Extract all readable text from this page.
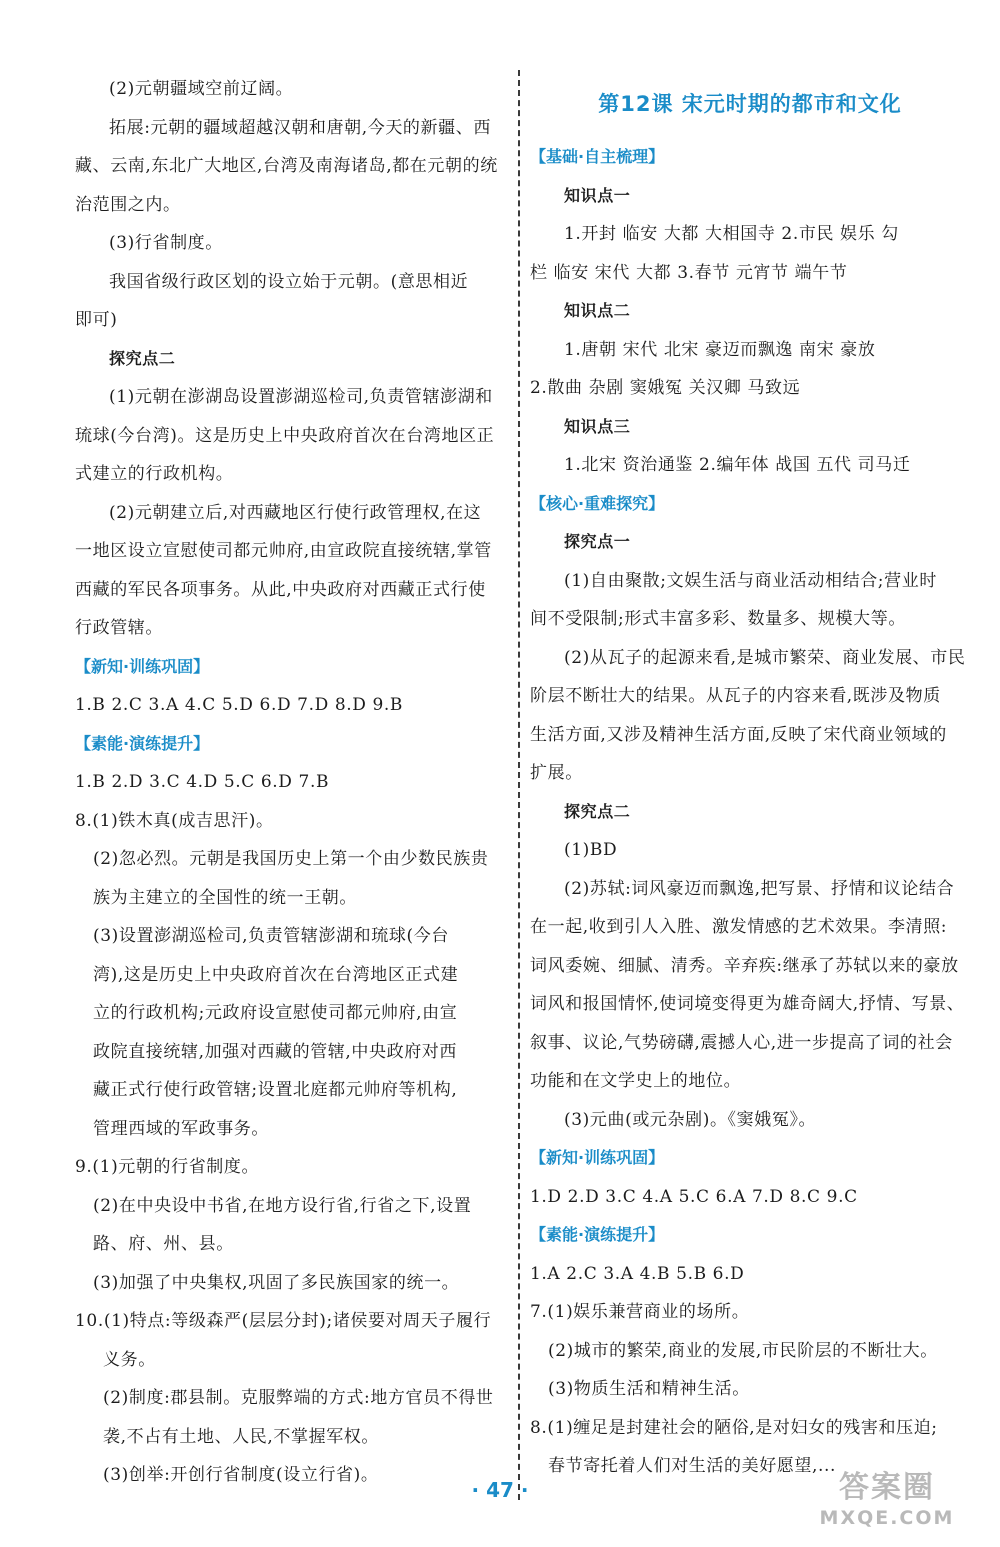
(2)元朝疆域空前辽阔。
拓展:元朝的疆域超越汉朝和唐朝,今天的新疆、西
藏、云南,东北广大地区,台湾及南海诸岛,都在元朝的统
治范围之内。
(3)行省制度。
我国省级行政区划的设立始于元朝。(意思相近
即可)
探究点二
(1)元朝在澎湖岛设置澎湖巡检司,负责管辖澎湖和
琉球(今台湾)。这是历史上中央政府首次在台湾地区正
式建立的行政机构。
(2)元朝建立后,对西藏地区行使行政管理权,在这
一地区设立宣慰使司都元帅府,由宣政院直接统辖,掌管
西藏的军民各项事务。从此,中央政府对西藏正式行使
行政管辖。
【新知·训练巩固】
1.B 2.C 3.A 4.C 5.D 6.D 7.D 8.D 9.B
【素能·演练提升】
1.B 2.D 3.C 4.D 5.C 6.D 7.B
8.(1)铁木真(成吉思汗)。
(2)忽必烈。元朝是我国历史上第一个由少数民族贵
族为主建立的全国性的统一王朝。
(3)设置澎湖巡检司,负责管辖澎湖和琉球(今台
湾),这是历史上中央政府首次在台湾地区正式建
立的行政机构;元政府设宣慰使司都元帅府,由宣
政院直接统辖,加强对西藏的管辖,中央政府对西
藏正式行使行政管辖;设置北庭都元帅府等机构,
管理西域的军政事务。
9.(1)元朝的行省制度。
(2)在中央设中书省,在地方设行省,行省之下,设置
路、府、州、县。
(3)加强了中央集权,巩固了多民族国家的统一。
10.(1)特点:等级森严(层层分封);诸侯要对周天子履行
义务。
(2)制度:郡县制。克服弊端的方式:地方官员不得世
袭,不占有土地、人民,不掌握军权。
(3)创举:开创行省制度(设立行省)。
第12课 宋元时期的都市和文化
【基础·自主梳理】
知识点一
1.开封 临安 大都 大相国寺 2.市民 娱乐 勾
栏 临安 宋代 大都 3.春节 元宵节 端午节
知识点二
1.唐朝 宋代 北宋 豪迈而飘逸 南宋 豪放
2.散曲 杂剧 窦娥冤 关汉卿 马致远
知识点三
1.北宋 资治通鉴 2.编年体 战国 五代 司马迁
【核心·重难探究】
探究点一
(1)自由聚散;文娱生活与商业活动相结合;营业时
间不受限制;形式丰富多彩、数量多、规模大等。
(2)从瓦子的起源来看,是城市繁荣、商业发展、市民
阶层不断壮大的结果。从瓦子的内容来看,既涉及物质
生活方面,又涉及精神生活方面,反映了宋代商业领域的
扩展。
探究点二
(1)BD
(2)苏轼:词风豪迈而飘逸,把写景、抒情和议论结合
在一起,收到引人入胜、激发情感的艺术效果。李清照:
词风委婉、细腻、清秀。辛弃疾:继承了苏轼以来的豪放
词风和报国情怀,使词境变得更为雄奇阔大,抒情、写景、
叙事、议论,气势磅礴,震撼人心,进一步提高了词的社会
功能和在文学史上的地位。
(3)元曲(或元杂剧)。《窦娥冤》。
【新知·训练巩固】
1.D 2.D 3.C 4.A 5.C 6.A 7.D 8.C 9.C
【素能·演练提升】
1.A 2.C 3.A 4.B 5.B 6.D
7.(1)娱乐兼营商业的场所。
(2)城市的繁荣,商业的发展,市民阶层的不断壮大。
(3)物质生活和精神生活。
8.(1)缠足是封建社会的陋俗,是对妇女的残害和压迫;
春节寄托着人们对生活的美好愿望,...
· 47 ·	答案圈
MXQE.COM
